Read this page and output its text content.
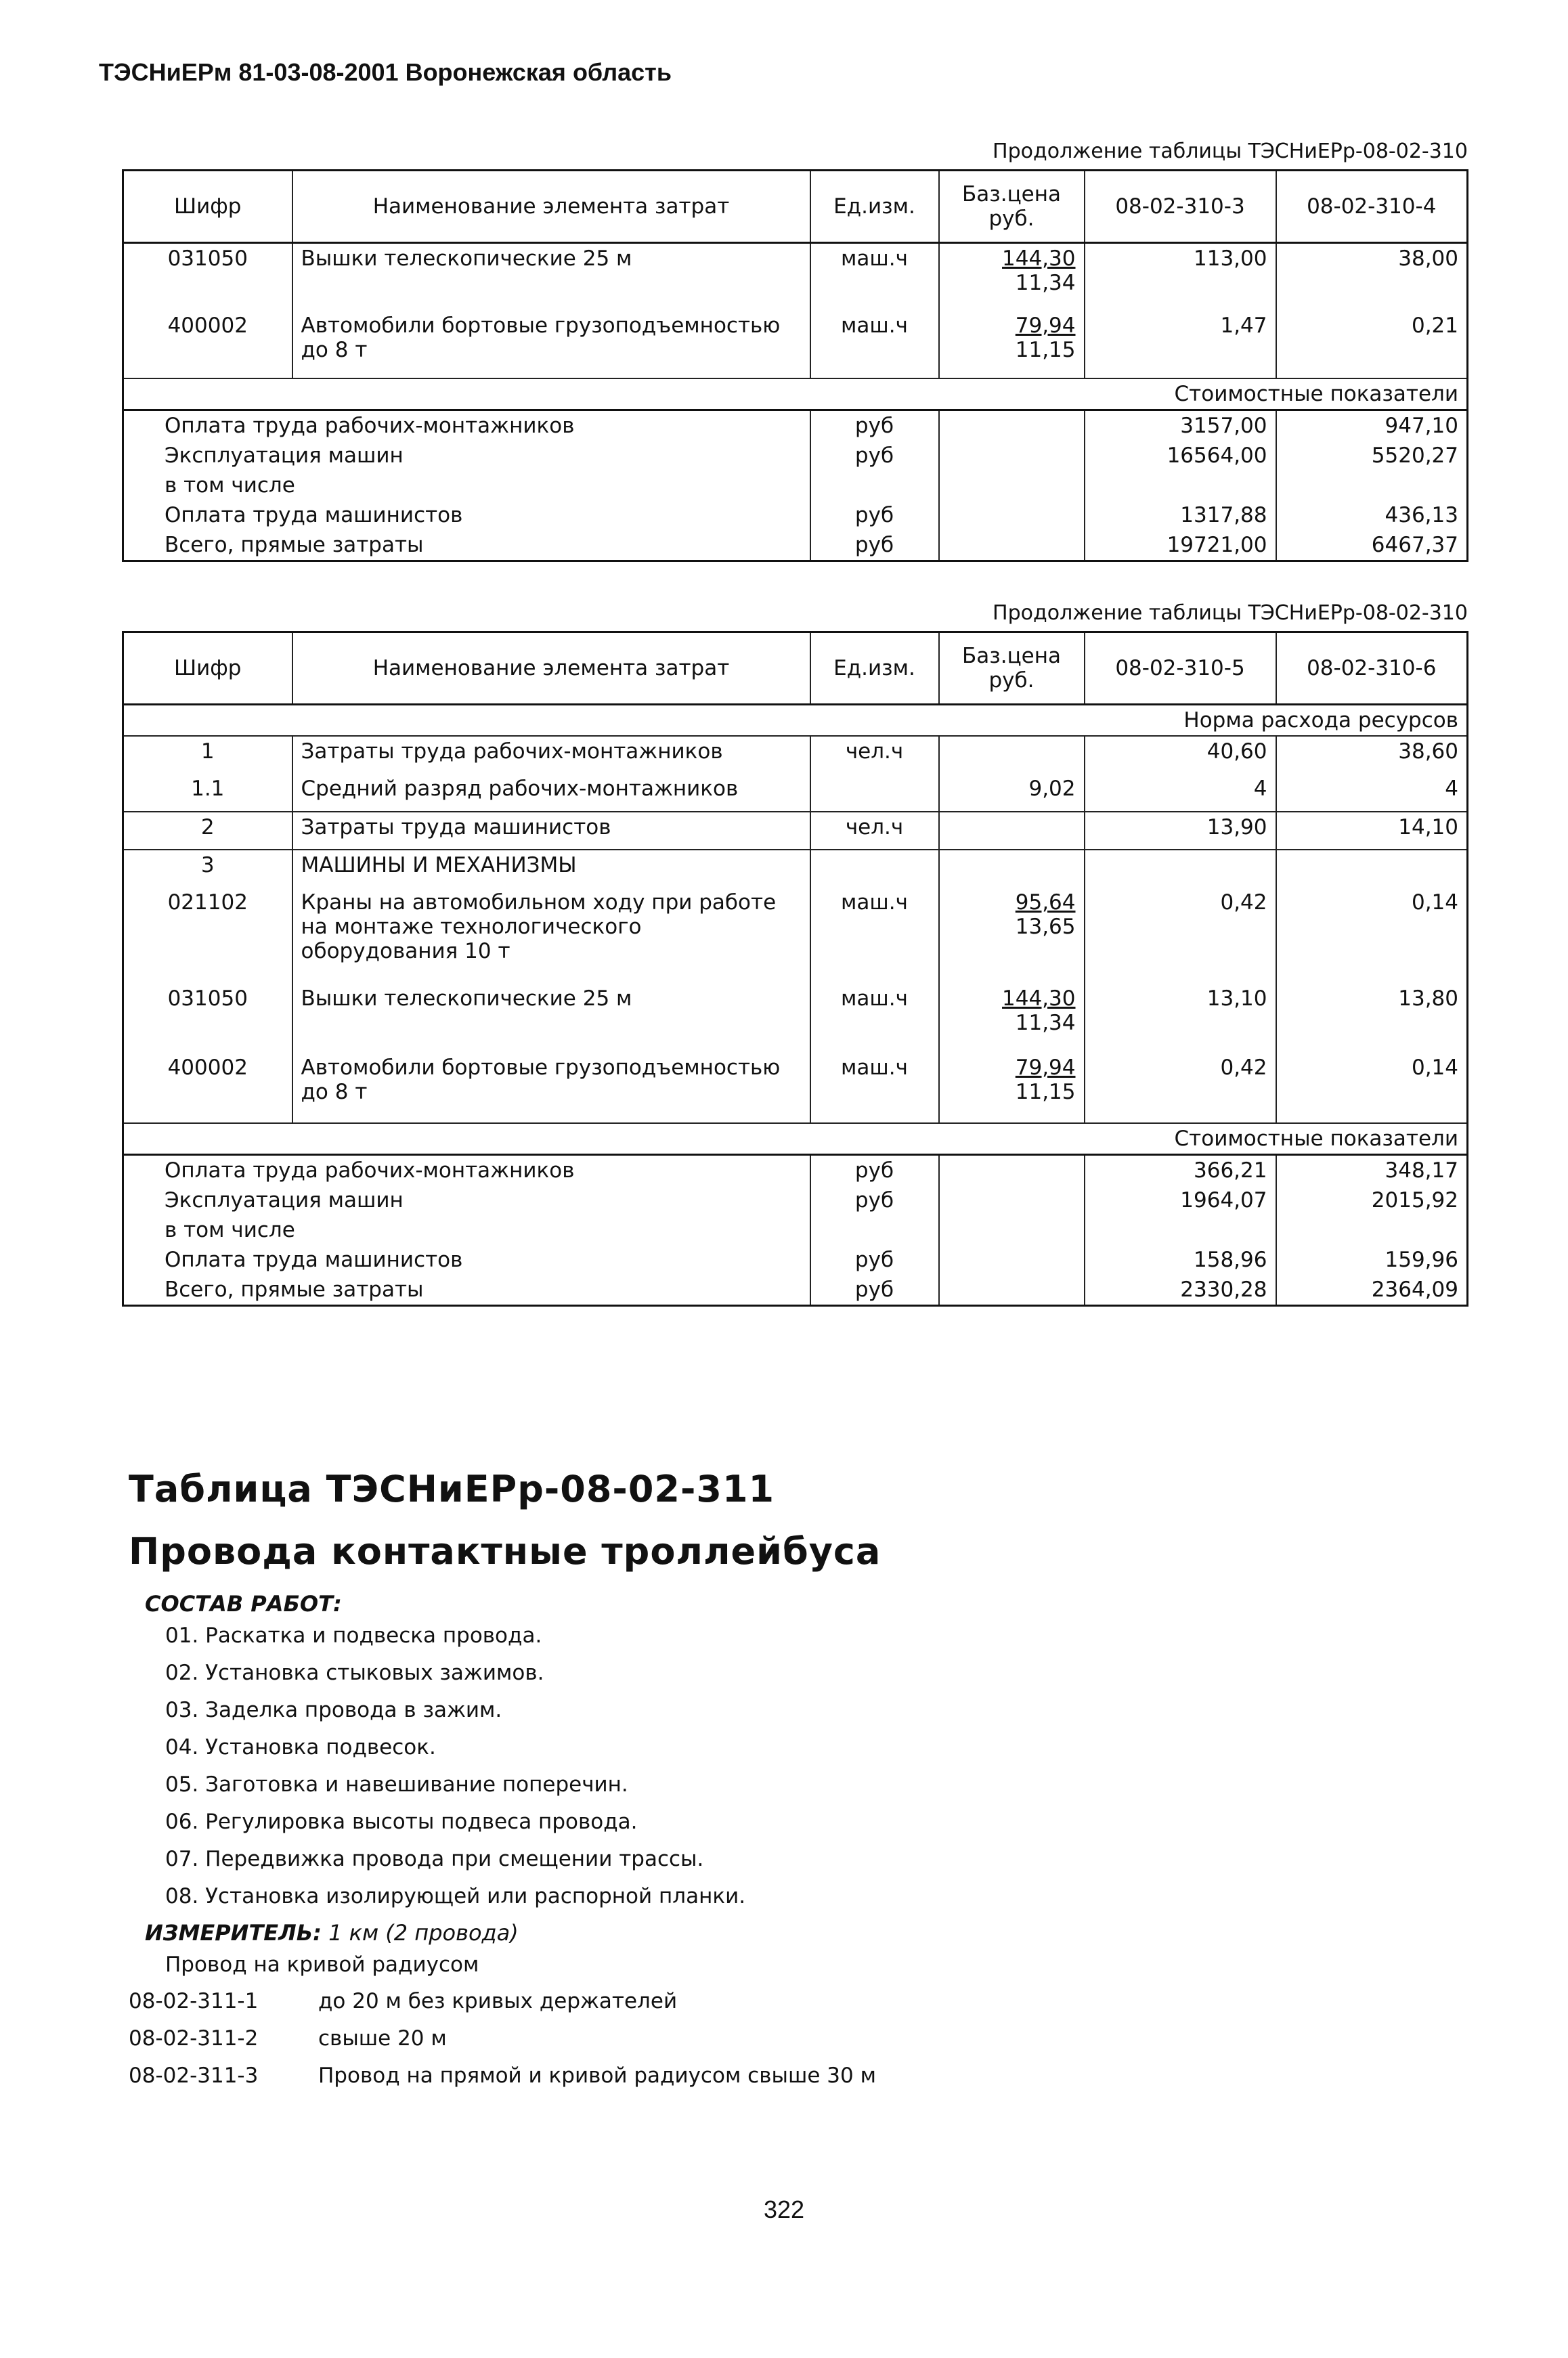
ТЭСНиЕРм 81-03-08-2001 Воронежская область
Продолжение таблицы ТЭСНиЕРр-08-02-310
Шифр	Наименование элемента затрат	Ед.изм.	Баз.цена руб.	08-02-310-3	08-02-310-4
031050	Вышки телескопические 25 м	маш.ч	144,30
11,34	113,00	38,00
400002	Автомобили бортовые грузоподъемностью до 8 т	маш.ч	79,94
11,15	1,47	0,21
Стоимостные показатели					
Оплата труда рабочих-монтажников		руб		3157,00	947,10
Эксплуатация машин		руб		16564,00	5520,27
в том числе					
Оплата труда машинистов		руб		1317,88	436,13
Всего, прямые затраты		руб		19721,00	6467,37
Продолжение таблицы ТЭСНиЕРр-08-02-310
Шифр	Наименование элемента затрат	Ед.изм.	Баз.цена руб.	08-02-310-5	08-02-310-6
Норма расхода ресурсов					
1	Затраты труда рабочих-монтажников	чел.ч		40,60	38,60
1.1	Средний разряд рабочих-монтажников		9,02	4	4
2	Затраты труда машинистов	чел.ч		13,90	14,10
3	МАШИНЫ И МЕХАНИЗМЫ				
021102	Краны на автомобильном ходу при работе на монтаже технологического оборудования 10 т	маш.ч	95,64
13,65	0,42	0,14
031050	Вышки телескопические 25 м	маш.ч	144,30
11,34	13,10	13,80
400002	Автомобили бортовые грузоподъемностью до 8 т	маш.ч	79,94
11,15	0,42	0,14
Стоимостные показатели					
Оплата труда рабочих-монтажников		руб		366,21	348,17
Эксплуатация машин		руб		1964,07	2015,92
в том числе					
Оплата труда машинистов		руб		158,96	159,96
Всего, прямые затраты		руб		2330,28	2364,09
Таблица ТЭСНиЕРр-08-02-311
Провода контактные троллейбуса
СОСТАВ РАБОТ:
01. Раскатка и подвеска провода.
02. Установка стыковых зажимов.
03. Заделка провода в зажим.
04. Установка подвесок.
05. Заготовка и навешивание поперечин.
06. Регулировка высоты подвеса провода.
07. Передвижка провода при смещении трассы.
08. Установка изолирующей или распорной планки.
ИЗМЕРИТЕЛЬ: 1 км (2 провода)
Провод на кривой радиусом
08-02-311-1	до 20 м без кривых держателей
08-02-311-2	свыше 20 м
08-02-311-3	Провод на прямой и кривой радиусом свыше 30 м
322
